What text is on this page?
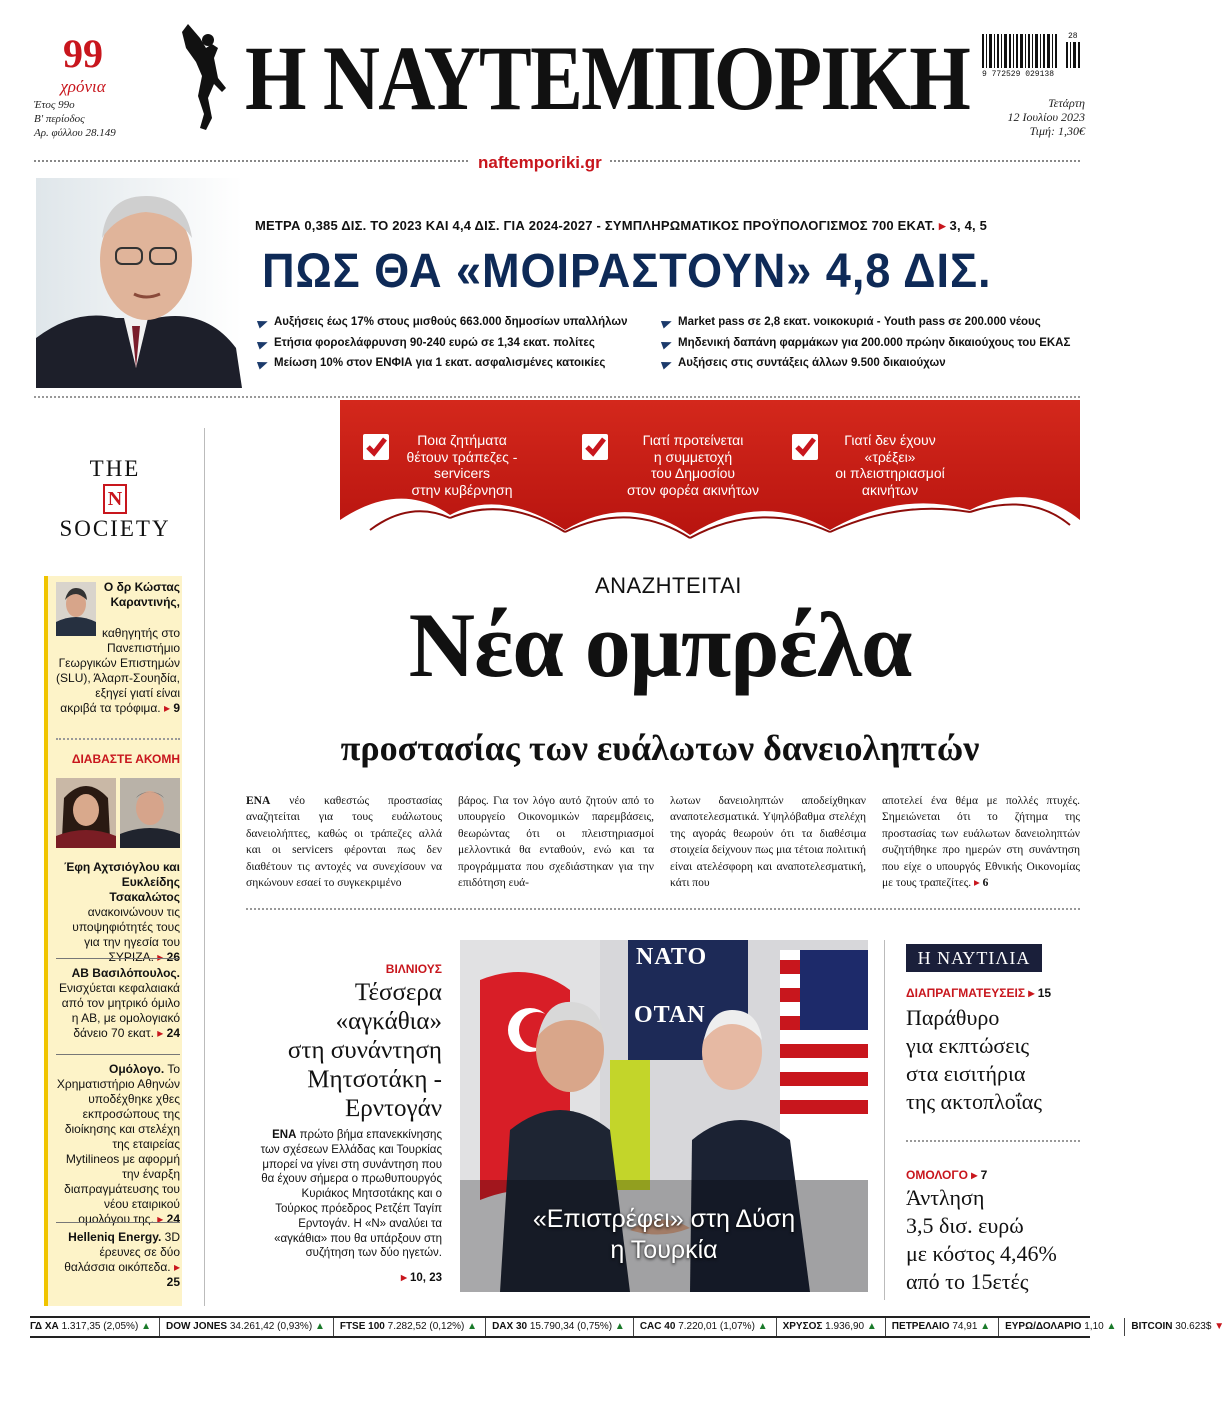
99
χρόνια
Έτος 99ο
Β' περίοδος
Αρ. φύλλου 28.149
Η ΝΑΥΤΕΜΠΟΡΙΚΗ 9 772529 029138
28
Τετάρτη
12 Ιουλίου 2023
Τιμή: 1,30€
naftemporiki.gr
ΜΕΤΡΑ 0,385 ΔΙΣ. ΤΟ 2023 ΚΑΙ 4,4 ΔΙΣ. ΓΙΑ 2024-2027 - ΣΥΜΠΛΗΡΩΜΑΤΙΚΟΣ ΠΡΟΫΠΟΛΟΓΙΣΜΟΣ 700 ΕΚΑΤ. ▸ 3, 4, 5
ΠΩΣ ΘΑ «ΜΟΙΡΑΣΤΟΥΝ» 4,8 ΔΙΣ.
Αυξήσεις έως 17% στους μισθούς 663.000 δημοσίων υπαλλήλων
Ετήσια φοροελάφρυνση 90-240 ευρώ σε 1,34 εκατ. πολίτες
Μείωση 10% στον ΕΝΦΙΑ για 1 εκατ. ασφαλισμένες κατοικίες
Market pass σε 2,8 εκατ. νοικοκυριά - Youth pass σε 200.000 νέους
Μηδενική δαπάνη φαρμάκων για 200.000 πρώην δικαιούχους του ΕΚΑΣ
Αυξήσεις στις συντάξεις άλλων 9.500 δικαιούχων
Ποια ζητήματα
θέτουν τράπεζες -
servicers
στην κυβέρνηση
Γιατί προτείνεται
η συμμετοχή
του Δημοσίου
στον φορέα ακινήτων
Γιατί δεν έχουν
«τρέξει»
οι πλειστηριασμοί
ακινήτων
ΑΝΑΖΗΤΕΙΤΑΙ
Νέα ομπρέλα
προστασίας των ευάλωτων δανειοληπτών
ΕΝΑ νέο καθεστώς προστασίας αναζητείται για τους ευάλωτους δανειολήπτες, καθώς οι τράπεζες αλλά και οι servicers φέρονται πως δεν διαθέτουν τις αντοχές να συνεχίσουν να σηκώνουν εσαεί το συγκεκριμένο
βάρος. Για τον λόγο αυτό ζητούν από το υπουργείο Οικονομικών παρεμβάσεις, θεωρώντας ότι οι πλειστηριασμοί μελλοντικά θα ενταθούν, ενώ και τα προγράμματα που σχεδιάστηκαν για την επιδότηση ευά-
λωτων δανειοληπτών αποδείχθηκαν αναποτελεσματικά. Υψηλόβαθμα στελέχη της αγοράς θεωρούν ότι τα διαθέσιμα στοιχεία δείχνουν πως μια τέτοια πολιτική είναι ατελέσφορη και αναποτελεσματική, κάτι που
αποτελεί ένα θέμα με πολλές πτυχές. Σημειώνεται ότι το ζήτημα της προστασίας των ευάλωτων δανειοληπτών συζητήθηκε προ ημερών στη συνάντηση που είχε ο υπουργός Εθνικής Οικονομίας με τους τραπεζίτες. ▸ 6
THE
N
SOCIETY
Ο δρ Κώστας Καραντινής,
καθηγητής στο Πανεπιστήμιο Γεωργικών Επιστημών (SLU), Άλαρπ-Σουηδία, εξηγεί γιατί είναι ακριβά τα τρόφιμα. ▸ 9
ΔΙΑΒΑΣΤΕ ΑΚΟΜΗ
Έφη Αχτσιόγλου και Ευκλείδης Τσακαλώτος ανακοινώνουν τις υποψηφιότητές τους για την ηγεσία του ΣΥΡΙΖΑ. ▸ 26
ΑΒ Βασιλόπουλος. Ενισχύεται κεφαλαιακά από τον μητρικό όμιλο η ΑΒ, με ομολογιακό δάνειο 70 εκατ. ▸ 24
Ομόλογο. Το Χρηματιστήριο Αθηνών υποδέχθηκε χθες εκπροσώπους της διοίκησης και στελέχη της εταιρείας Mytilineos με αφορμή την έναρξη διαπραγμάτευσης του νέου εταιρικού ομολόγου της. ▸ 24
Helleniq Energy. 3D έρευνες σε δύο θαλάσσια οικόπεδα. ▸ 25
ΒΙΛΝΙΟΥΣ
Τέσσερα
«αγκάθια»
στη συνάντηση
Μητσοτάκη -
Ερντογάν
ΕΝΑ πρώτο βήμα επανεκκίνησης των σχέσεων Ελλάδας και Τουρκίας μπορεί να γίνει στη συνάντηση που θα έχουν σήμερα ο πρωθυπουργός Κυριάκος Μητσοτάκης και ο Τούρκος πρόεδρος Ρετζέπ Ταγίπ Ερντογάν. Η «Ν» αναλύει τα «αγκάθια» που θα υπάρξουν στη συζήτηση των δύο ηγετών.
▸ 10, 23
NATO
OTAN
«Επιστρέφει» στη Δύση
η Τουρκία
Η ΝΑΥΤΙΛΙΑ
ΔΙΑΠΡΑΓΜΑΤΕΥΣΕΙΣ ▸ 15
Παράθυρο
για εκπτώσεις
στα εισιτήρια
της ακτοπλοΐας
ΟΜΟΛΟΓΟ ▸ 7
Άντληση
3,5 δισ. ευρώ
με κόστος 4,46%
από το 15ετές
ΓΔ ΧΑ 1.317,35 (2,05%) ▲	DOW JONES 34.261,42 (0,93%) ▲	FTSE 100 7.282,52 (0,12%) ▲	DAX 30 15.790,34 (0,75%) ▲	CAC 40 7.220,01 (1,07%) ▲	ΧΡΥΣΟΣ 1.936,90 ▲	ΠΕΤΡΕΛΑΙΟ 74,91 ▲	ΕΥΡΩ/ΔΟΛΑΡΙΟ 1,10 ▲	BITCOIN 30.623$ ▼
